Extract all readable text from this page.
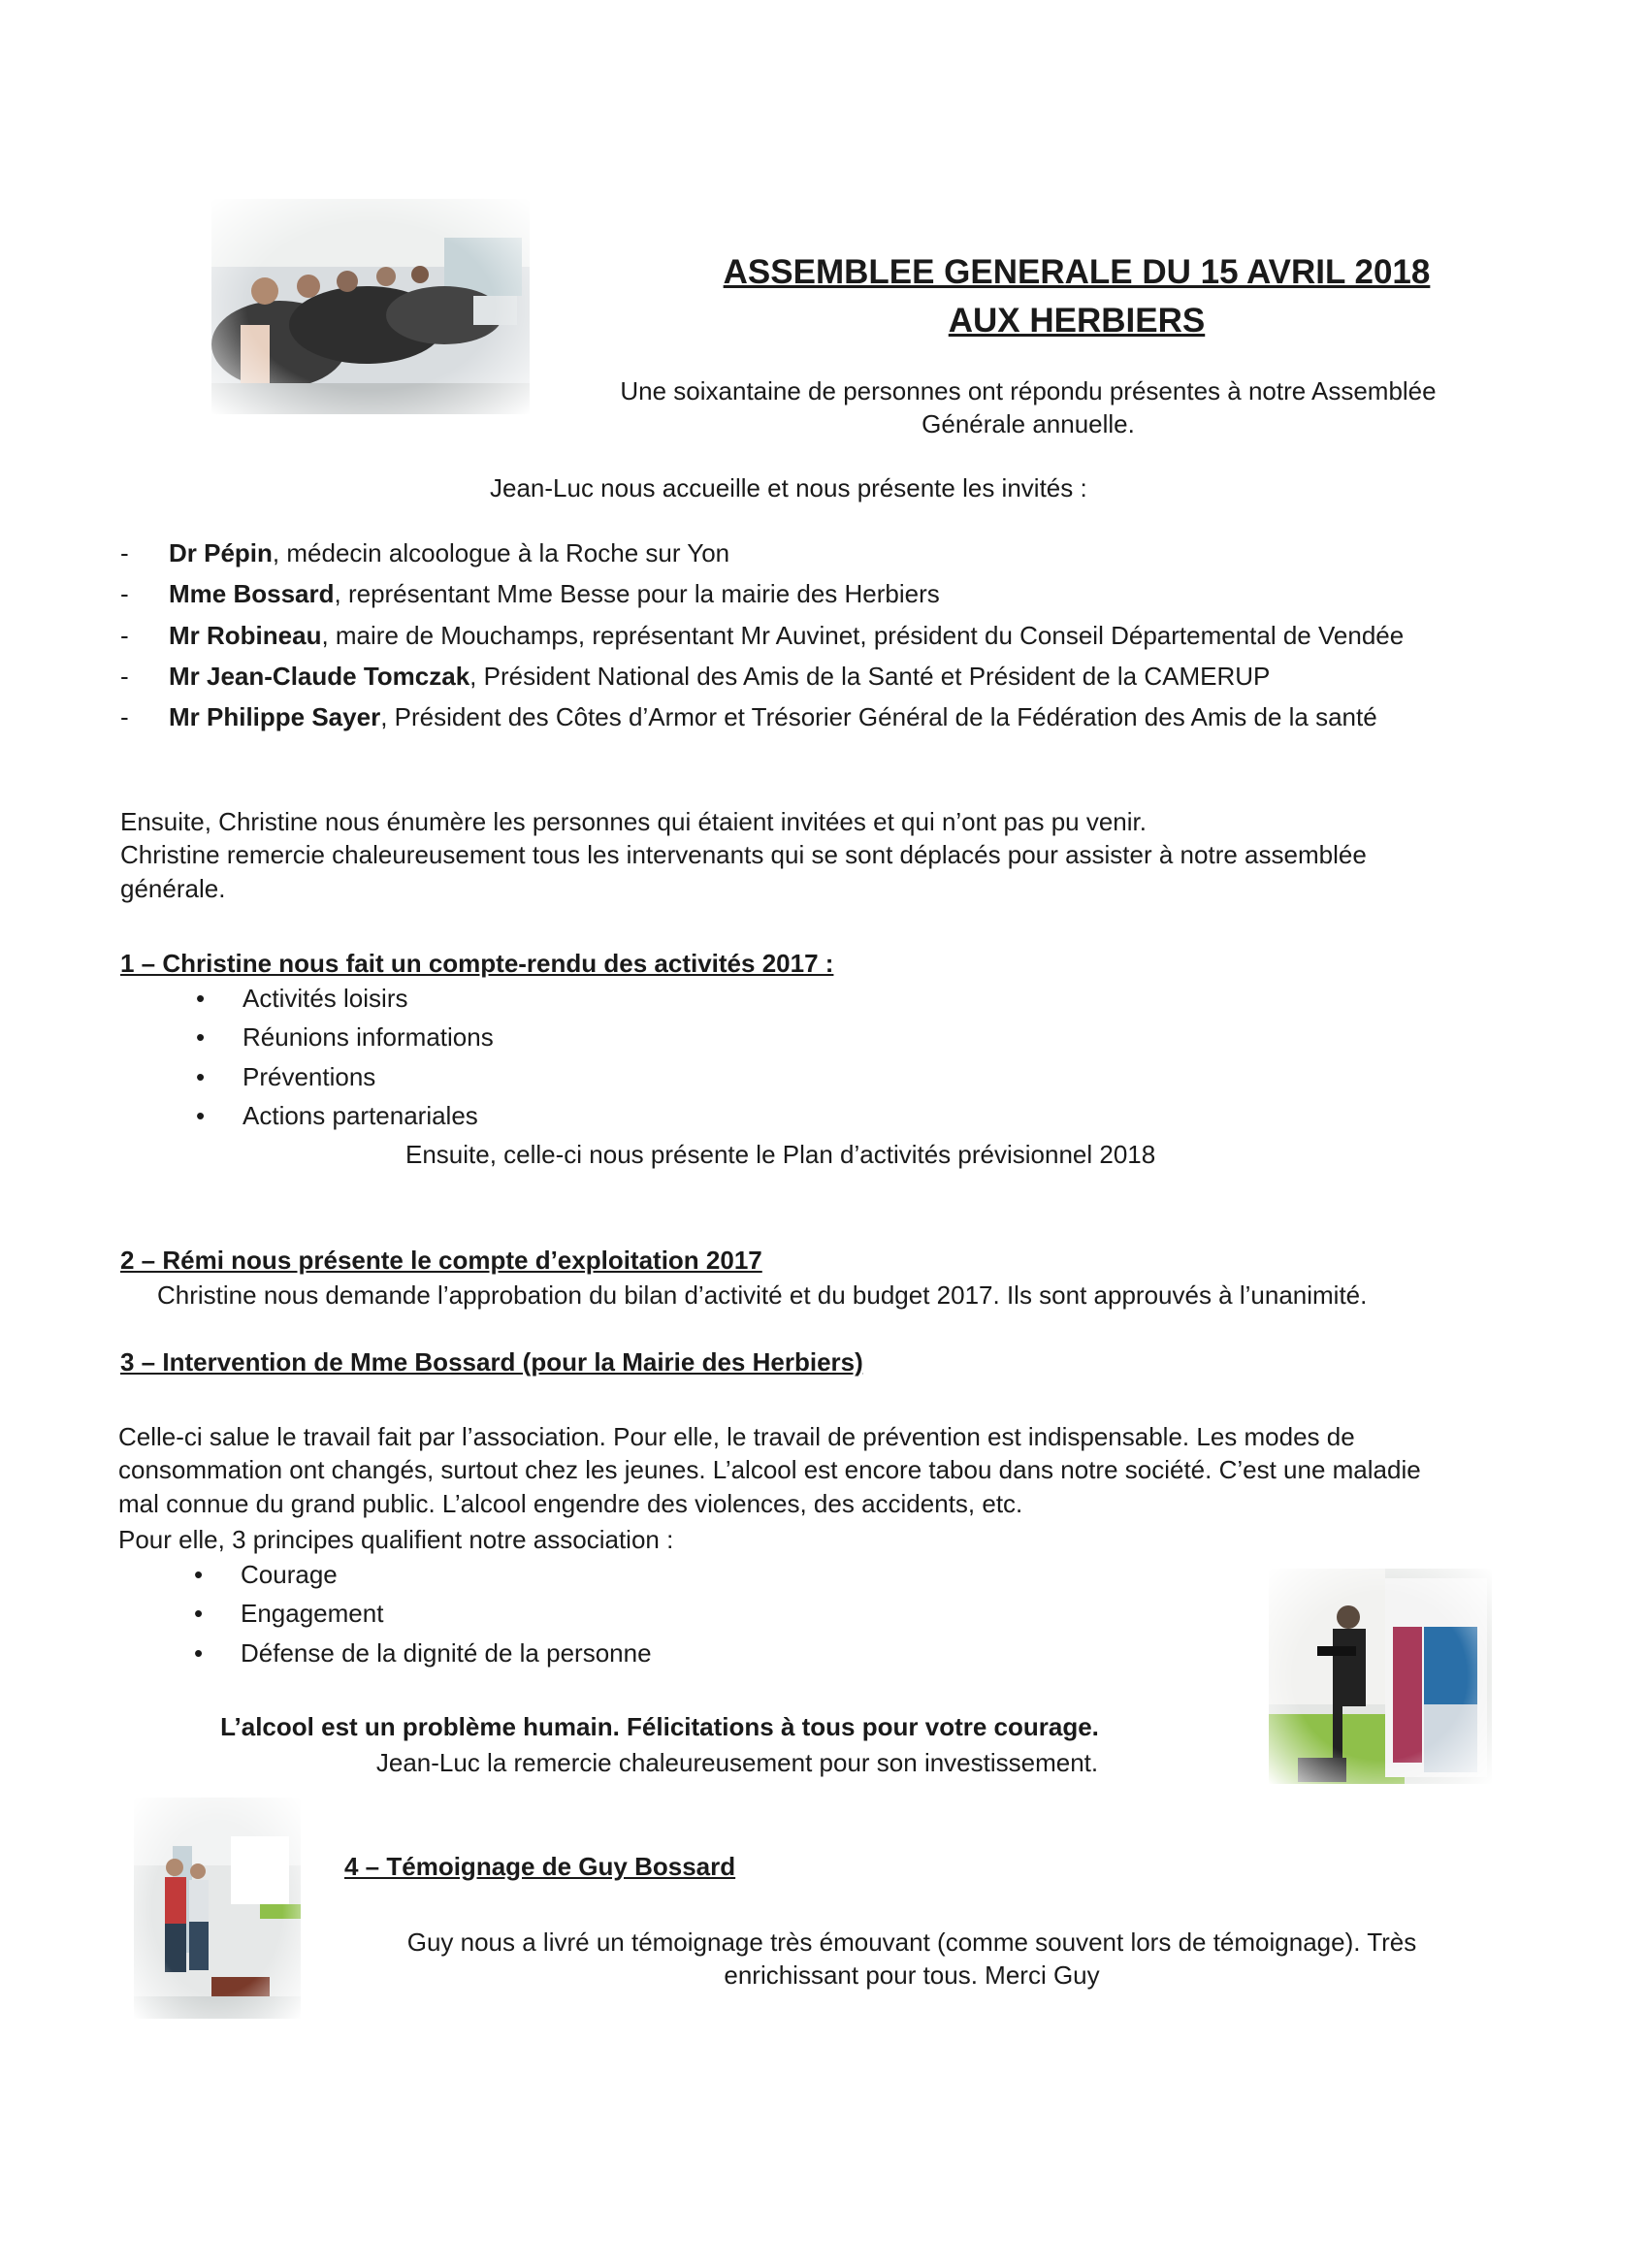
ASSEMBLEE GENERALE DU 15 AVRIL 2018
AUX HERBIERS

Une soixantaine de personnes ont répondu présentes à notre Assemblée Générale annuelle.

Jean-Luc nous accueille et nous présente les invités :

- Dr Pépin, médecin alcoologue à la Roche sur Yon
- Mme Bossard, représentant Mme Besse pour la mairie des Herbiers
- Mr Robineau, maire de Mouchamps, représentant Mr Auvinet, président du Conseil Départemental de Vendée
- Mr Jean-Claude Tomczak, Président National des Amis de la Santé et Président de la CAMERUP
- Mr Philippe Sayer, Président des Côtes d’Armor et Trésorier Général de la Fédération des Amis de la santé

Ensuite, Christine nous énumère les personnes qui étaient invitées et qui n’ont pas pu venir.

Christine remercie chaleureusement tous les intervenants qui se sont déplacés pour assister à notre assemblée générale.

1 – Christine nous fait un compte-rendu des activités 2017 :

• Activités loisirs
• Réunions informations
• Préventions
• Actions partenariales

Ensuite, celle-ci nous présente le Plan d’activités prévisionnel 2018

2 – Rémi nous présente le compte d’exploitation 2017

Christine nous demande l’approbation du bilan d’activité et du budget 2017. Ils sont approuvés à l’unanimité.

3 – Intervention de Mme Bossard (pour la Mairie des Herbiers)

Celle-ci salue le travail fait par l’association. Pour elle, le travail de prévention est indispensable. Les modes de consommation ont changés, surtout chez les jeunes. L’alcool est encore tabou dans notre société. C’est une maladie mal connue du grand public. L’alcool engendre des violences, des accidents, etc.

Pour elle, 3 principes qualifient notre association :

• Courage
• Engagement
• Défense de la dignité de la personne

L’alcool est un problème humain. Félicitations à tous pour votre courage.

Jean-Luc la remercie chaleureusement pour son investissement.

4 – Témoignage de Guy Bossard

Guy nous a livré un témoignage très émouvant (comme souvent lors de témoignage). Très enrichissant pour tous. Merci Guy
